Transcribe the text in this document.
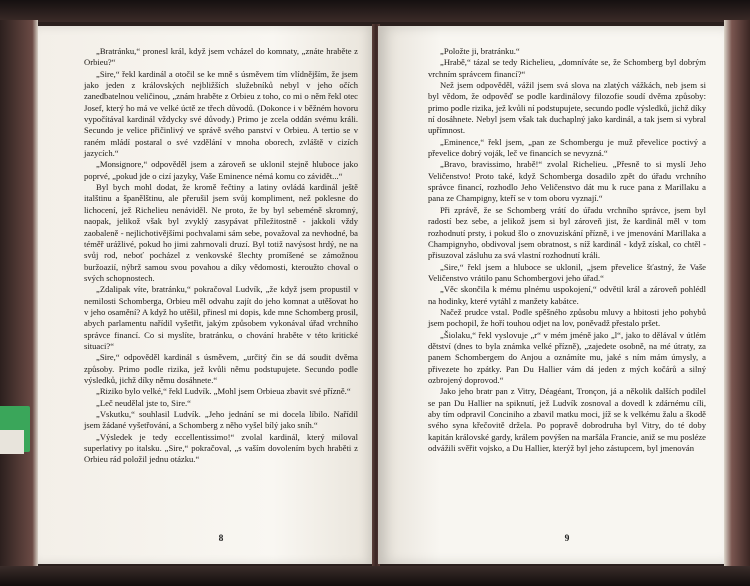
„Bratránku,“ pronesl král, když jsem vcházel do komnaty, „znáte hraběte z Orbieu?“

„Sire,“ řekl kardinál a otočil se ke mně s úsměvem tím vlídnějším, že jsem jako jeden z královských nejbližších služebníků nebyl v jeho očích zanedbatelnou veličinou, „znám hraběte z Orbieu z toho, co mi o něm řekl otec Josef, který ho má ve velké úctě ze třech důvodů. (Dokonce i v běžném hovoru vypočítával kardinál vždycky své důvody.) Primo je zcela oddán svému králi. Secundo je velice přičinlivý ve správě svého panství v Orbieu. A tertio se v raném mládí postaral o své vzdělání v mnoha oborech, zvláště v cizích jazycích.“

„Monsignore,“ odpověděl jsem a zároveň se uklonil stejně hluboce jako poprvé, „pokud jde o cizí jazyky, Vaše Eminence némá komu co závidět...“

Byl bych mohl dodat, že kromě řečtiny a latiny ovládá kardinál ještě italštinu a španělštinu, ale přerušil jsem svůj kompliment, než poklesne do lichocení, jež Richelieu nenáviděl. Ne proto, že by byl sebeméně skromný, naopak, jelikož však byl zvyklý zasypávat příležitostně - jakkoli vždy zaobaleně - nejlichotivějšími pochvalami sám sebe, považoval za nevhodné, ba téměř urážlivé, pokud ho jimi zahrnovali druzí. Byl totiž navýsost hrdý, ne na svůj rod, neboť pocházel z venkovské šlechty promíšené se zámožnou buržoazií, nýbrž samou svou povahou a díky vědomosti, kteroužto choval o svých schopnostech.

„Zdalipak víte, bratránku,“ pokračoval Ludvík, „že když jsem propustil v nemilosti Schomberga, Orbieu měl odvahu zajít do jeho komnat a utěšovat ho v jeho osamění? A když ho utěšil, přinesl mi dopis, kde mne Schomberg prosil, abych parlamentu nařídil vyšetřit, jakým způsobem vykonával úřad vrchního správce financí. Co si myslíte, bratránku, o chování hraběte v této kritické situaci?“

„Sire,“ odpověděl kardinál s úsměvem, „určitý čin se dá soudit dvěma způsoby. Primo podle rizika, jež kvůli němu podstupujete. Secundo podle výsledků, jichž díky němu dosáhnete.“

„Riziko bylo velké,“ řekl Ludvík. „Mohl jsem Orbieua zbavit své přízně.“

„Leč neudělal jste to, Sire.“

„Vskutku,“ souhlasil Ludvík. „Jeho jednání se mi docela líbilo. Nařídil jsem žádané vyšetřování, a Schomberg z něho vyšel bílý jako sníh.“

„Výsledek je tedy eccellentissimo!“ zvolal kardinál, který miloval superlativy po italsku. „Sire,“ pokračoval, „s vaším dovolením bych hraběti z Orbieu rád položil jednu otázku.“

8

„Položte ji, bratránku.“

„Hrabě,“ tázal se tedy Richelieu, „domníváte se, že Schomberg byl dobrým vrchním správcem financí?“

Než jsem odpověděl, vážil jsem svá slova na zlatých vážkách, neb jsem si byl vědom, že odpověď se podle kardinálovy filozofie soudí dvěma způsoby: primo podle rizika, jež kvůli ní podstupujete, secundo podle výsledků, jichž díky ní dosáhnete. Nebyl jsem však tak duchaplný jako kardinál, a tak jsem si vybral upřímnost.

„Eminence,“ řekl jsem, „pan ze Schombergu je muž převelice poctivý a převelice dobrý voják, leč ve financích se nevyzná.“

„Bravo, bravissimo, hrabě!“ zvolal Richelieu. „Přesně to si myslí Jeho Veličenstvo! Proto také, když Schomberga dosadilo zpět do úřadu vrchního správce financí, rozhodlo Jeho Veličenstvo dát mu k ruce pana z Marillaku a pana ze Champigny, kteří se v tom oboru vyznají.“

Při zprávě, že se Schomberg vrátí do úřadu vrchního správce, jsem byl radostí bez sebe, a jelikož jsem si byl zároveň jist, že kardinál měl v tom rozhodnutí prsty, i pokud šlo o znovuziskání přízně, i ve jmenování Marillaka a Champignyho, obdivoval jsem obratnost, s níž kardinál - když získal, co chtěl - přisuzoval zásluhu za svá vlastní rozhodnutí králi.

„Sire,“ řekl jsem a hluboce se uklonil, „jsem převelice šťastný, že Vaše Veličenstvo vrátilo panu Schombergovi jeho úřad.“

„Věc skončila k mému plnému uspokojení,“ odvětil král a zároveň pohlédl na hodinky, které vytáhl z manžety kabátce.

Načež prudce vstal. Podle spěšného způsobu mluvy a hbitosti jeho pohybů jsem pochopil, že hoří touhou odjet na lov, poněvadž přestalo pršet.

„Šiolaku,“ řekl vyslovuje „r“ v mém jméně jako „l“, jako to dělával v útlém dětství (dnes to byla známka velké přízně), „zajedete osobně, na mé útraty, za panem Schombergem do Anjou a oznámíte mu, jaké s ním mám úmysly, a přivezete ho zpátky. Pan Du Hallier vám dá jeden z mých kočárů a silný ozbrojený doprovod.“

Jako jeho bratr pan z Vitry, Déagéant, Tronçon, já a několik dalších podílel se pan Du Hallier na spiknutí, jež Ludvík zosnoval a dovedl k zdárnému cíli, aby tím odpravil Conciniho a zbavil matku moci, jíž se k velkému žalu a škodě svého syna křečovitě držela. Po popravě dobrodruha byl Vitry, do té doby kapitán královské gardy, králem povýšen na maršála Francie, aniž se mu posléze odvážili svěřit vojsko, a Du Hallier, kterýž byl jeho zástupcem, byl jmenován

9
